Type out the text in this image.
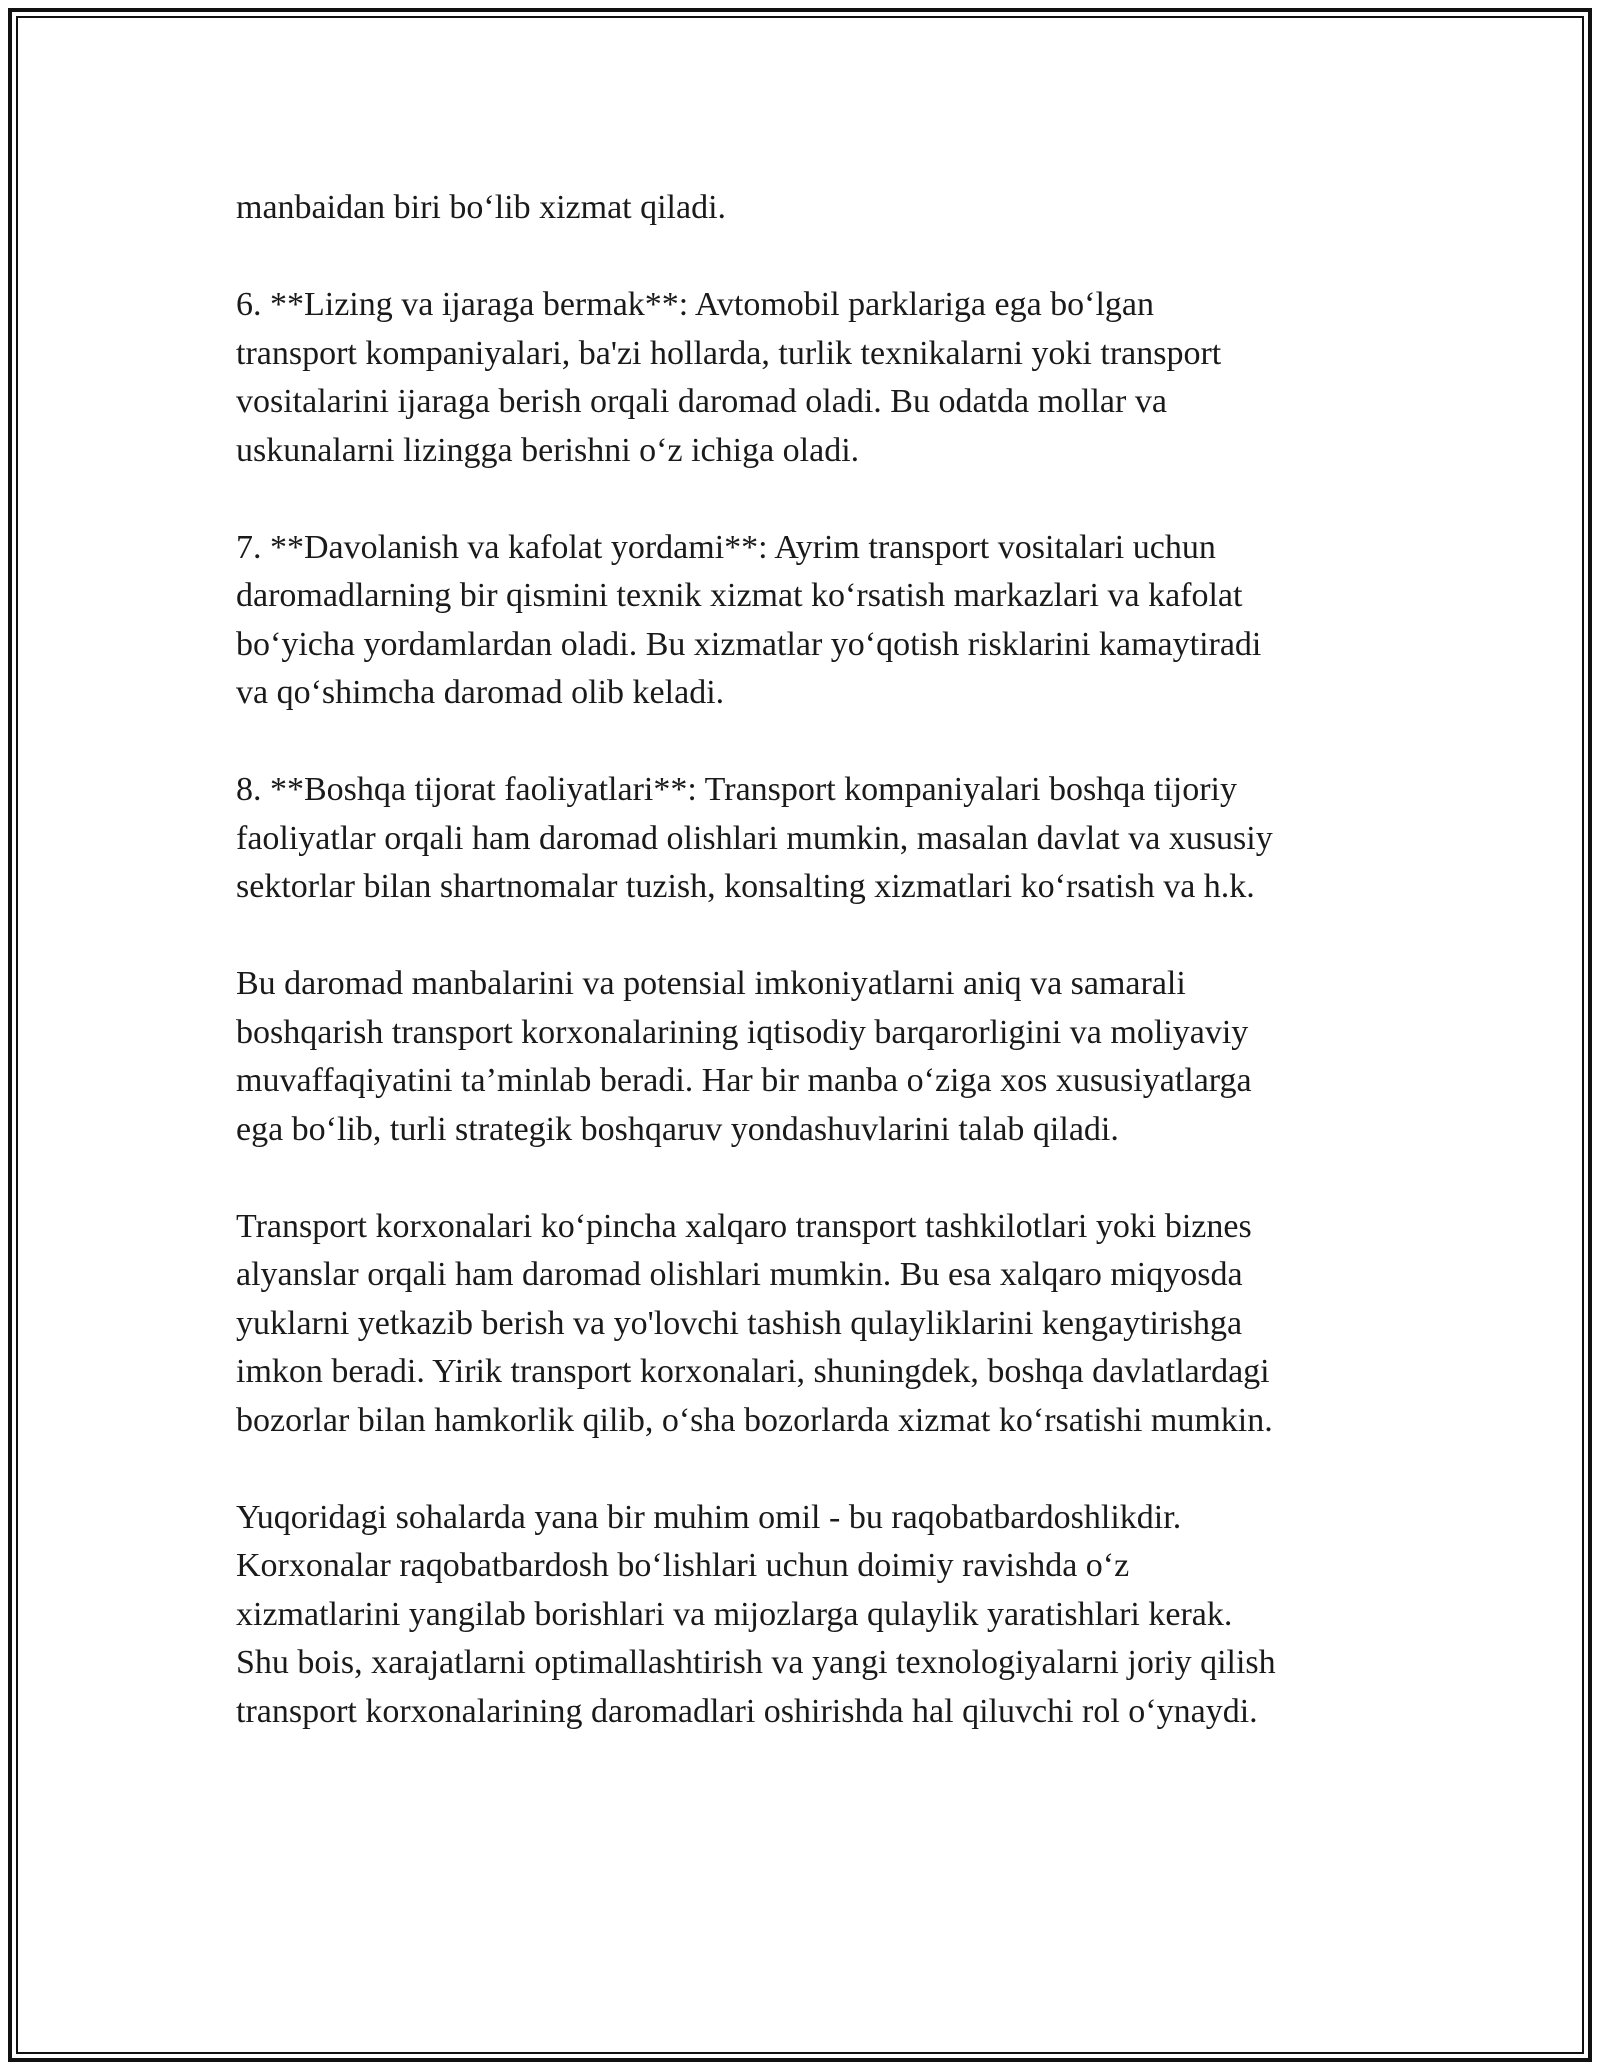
manbaidan biri bo‘lib xizmat qiladi.

6. **Lizing va ijaraga bermak**: Avtomobil parklariga ega bo‘lgan
transport kompaniyalari, ba'zi hollarda, turlik texnikalarni yoki transport
vositalarini ijaraga berish orqali daromad oladi. Bu odatda mollar va
uskunalarni lizingga berishni o‘z ichiga oladi.

7. **Davolanish va kafolat yordami**: Ayrim transport vositalari uchun
daromadlarning bir qismini texnik xizmat ko‘rsatish markazlari va kafolat
bo‘yicha yordamlardan oladi. Bu xizmatlar yo‘qotish risklarini kamaytiradi
va qo‘shimcha daromad olib keladi.

8. **Boshqa tijorat faoliyatlari**: Transport kompaniyalari boshqa tijoriy
faoliyatlar orqali ham daromad olishlari mumkin, masalan davlat va xususiy
sektorlar bilan shartnomalar tuzish, konsalting xizmatlari ko‘rsatish va h.k.

Bu daromad manbalarini va potensial imkoniyatlarni aniq va samarali
boshqarish transport korxonalarining iqtisodiy barqarorligini va moliyaviy
muvaffaqiyatini ta’minlab beradi. Har bir manba o‘ziga xos xususiyatlarga
ega bo‘lib, turli strategik boshqaruv yondashuvlarini talab qiladi.

Transport korxonalari ko‘pincha xalqaro transport tashkilotlari yoki biznes
alyanslar orqali ham daromad olishlari mumkin. Bu esa xalqaro miqyosda
yuklarni yetkazib berish va yo'lovchi tashish qulayliklarini kengaytirishga
imkon beradi. Yirik transport korxonalari, shuningdek, boshqa davlatlardagi
bozorlar bilan hamkorlik qilib, o‘sha bozorlarda xizmat ko‘rsatishi mumkin.

Yuqoridagi sohalarda yana bir muhim omil - bu raqobatbardoshlikdir.
Korxonalar raqobatbardosh bo‘lishlari uchun doimiy ravishda o‘z
xizmatlarini yangilab borishlari va mijozlarga qulaylik yaratishlari kerak.
Shu bois, xarajatlarni optimallashtirish va yangi texnologiyalarni joriy qilish
transport korxonalarining daromadlari oshirishda hal qiluvchi rol o‘ynaydi.
